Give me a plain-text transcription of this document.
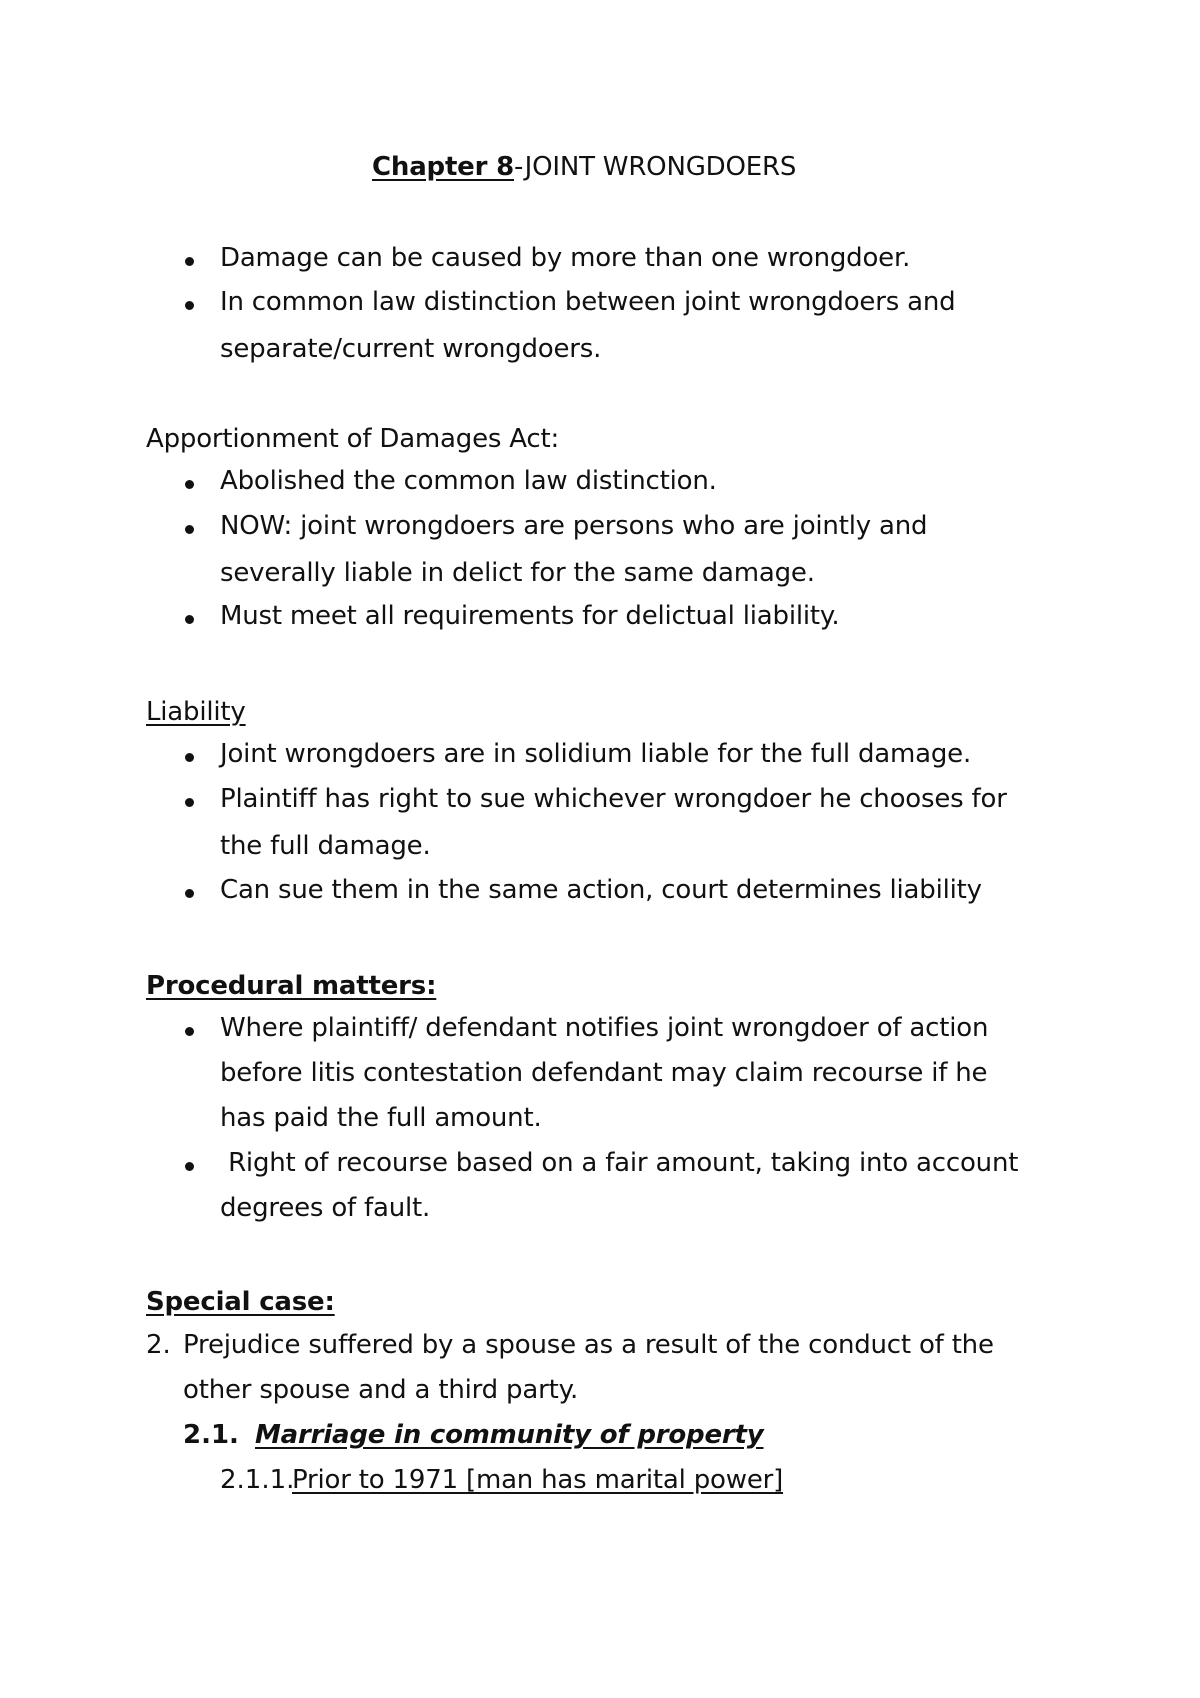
Chapter 8-JOINT WRONGDOERS
Damage can be caused by more than one wrongdoer.
In common law distinction between joint wrongdoers and
separate/current wrongdoers.
Apportionment of Damages Act:
Abolished the common law distinction.
NOW: joint wrongdoers are persons who are jointly and
severally liable in delict for the same damage.
Must meet all requirements for delictual liability.
Liability
Joint wrongdoers are in solidium liable for the full damage.
Plaintiff has right to sue whichever wrongdoer he chooses for
the full damage.
Can sue them in the same action, court determines liability
Procedural matters:
Where plaintiff/ defendant notifies joint wrongdoer of action
before litis contestation defendant may claim recourse if he
has paid the full amount.
Right of recourse based on a fair amount, taking into account
degrees of fault.
Special case:
2. Prejudice suffered by a spouse as a result of the conduct of the
other spouse and a third party.
2.1. Marriage in community of property
2.1.1.
Prior to 1971 [man has marital power]
